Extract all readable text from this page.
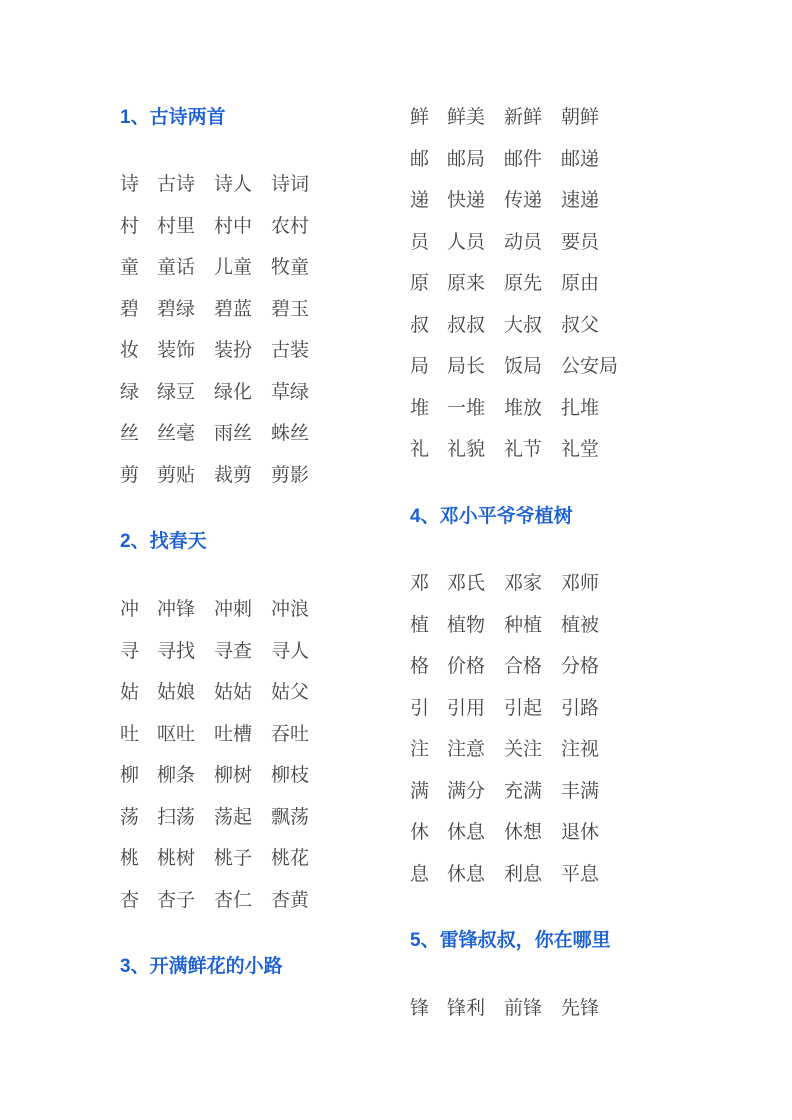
1、古诗两首
诗 古诗 诗人 诗词
村 村里 村中 农村
童 童话 儿童 牧童
碧 碧绿 碧蓝 碧玉
妆 装饰 装扮 古装
绿 绿豆 绿化 草绿
丝 丝毫 雨丝 蛛丝
剪 剪贴 裁剪 剪影
2、找春天
冲 冲锋 冲刺 冲浪
寻 寻找 寻查 寻人
姑 姑娘 姑姑 姑父
吐 呕吐 吐槽 吞吐
柳 柳条 柳树 柳枝
荡 扫荡 荡起 飘荡
桃 桃树 桃子 桃花
杏 杏子 杏仁 杏黄
3、开满鲜花的小路
鲜 鲜美 新鲜朝鲜
邮 邮局 邮件 邮递
递 快递 传递 速递
员 人员 动员 要员
原 原来 原先 原由
叔 叔叔 大叔 叔父
局 局长 饭局 公安局
堆 一堆 堆放 扎堆
礼 礼貌 礼节 礼堂
4、邓小平爷爷植树
邓 邓氏 邓家 邓师
植 植物 种植 植被
格 价格 合格 分格
引 引用 引起 引路
注 注意 关注 注视
满 满分 充满 丰满
休 休息 休想 退休
息 休息 利息 平息
5、雷锋叔叔，你在哪里
锋 锋利 前锋 先锋
